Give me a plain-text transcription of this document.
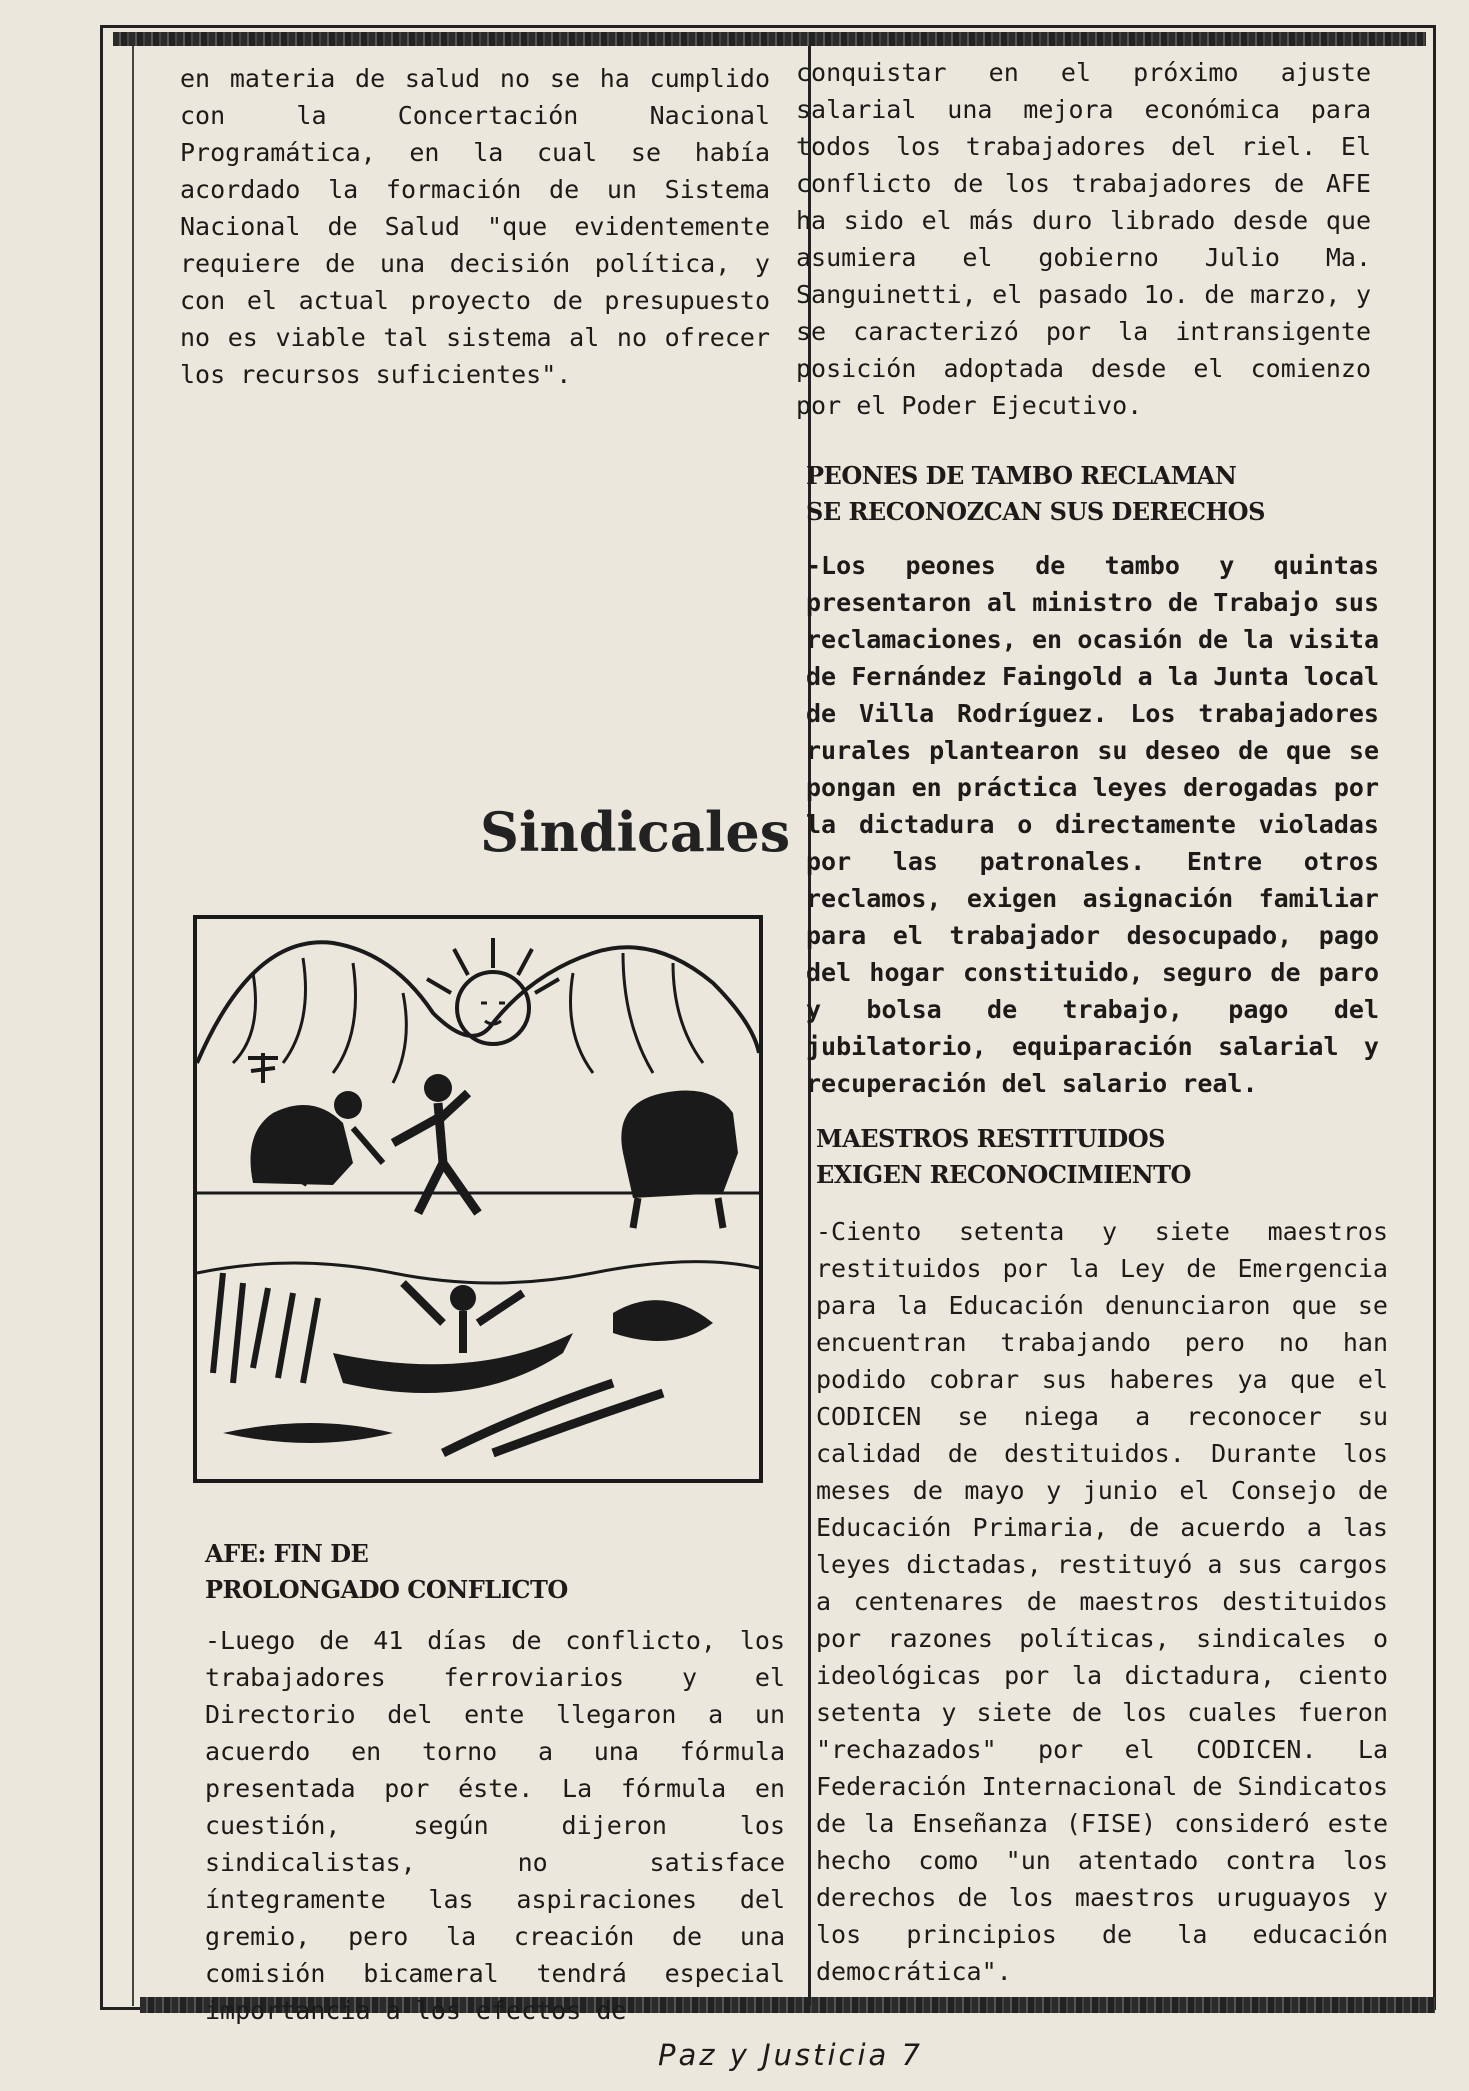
en materia de salud no se ha cumplido con la Concertación Nacional Programática, en la cual se había acordado la formación de un Sistema Nacional de Salud "que evidentemente requiere de una decisión política, y con el actual proyecto de presupuesto no es viable tal sistema al no ofrecer los recursos suficientes".

conquistar en el próximo ajuste salarial una mejora económica para todos los trabajadores del riel. El conflicto de los trabajadores de AFE ha sido el más duro librado desde que asumiera el gobierno Julio Ma. Sanguinetti, el pasado 1o. de marzo, y se caracterizó por la intransigente posición adoptada desde el comienzo por el Poder Ejecutivo.

Sindicales
AFE: FIN DE
PROLONGADO CONFLICTO

-Luego de 41 días de conflicto, los trabajadores ferroviarios y el Directorio del ente llegaron a un acuerdo en torno a una fórmula presentada por éste. La fórmula en cuestión, según dijeron los sindicalistas, no satisface íntegramente las aspiraciones del gremio, pero la creación de una comisión bicameral tendrá especial importancia a los efectos de

PEONES DE TAMBO RECLAMAN
SE RECONOZCAN SUS DERECHOS

-Los peones de tambo y quintas presentaron al ministro de Trabajo sus reclamaciones, en ocasión de la visita de Fernández Faingold a la Junta local de Villa Rodríguez. Los trabajadores rurales plantearon su deseo de que se pongan en práctica leyes derogadas por la dictadura o directamente violadas por las patronales. Entre otros reclamos, exigen asignación familiar para el trabajador desocupado, pago del hogar constituido, seguro de paro y bolsa de trabajo, pago del jubilatorio, equiparación salarial y recuperación del salario real.

MAESTROS RESTITUIDOS
EXIGEN RECONOCIMIENTO

-Ciento setenta y siete maestros restituidos por la Ley de Emergencia para la Educación denunciaron que se encuentran trabajando pero no han podido cobrar sus haberes ya que el CODICEN se niega a reconocer su calidad de destituidos. Durante los meses de mayo y junio el Consejo de Educación Primaria, de acuerdo a las leyes dictadas, restituyó a sus cargos a centenares de maestros destituidos por razones políticas, sindicales o ideológicas por la dictadura, ciento setenta y siete de los cuales fueron "rechazados" por el CODICEN. La Federación Internacional de Sindicatos de la Enseñanza (FISE) consideró este hecho como "un atentado contra los derechos de los maestros uruguayos y los principios de la educación democrática".

Paz y Justicia 7
